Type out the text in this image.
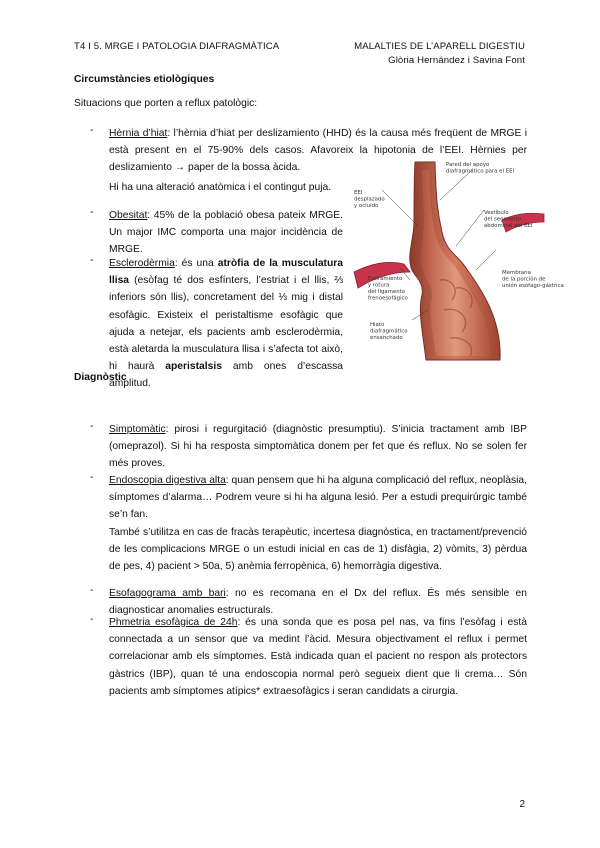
T4 I 5. MRGE I PATOLOGIA DIAFRAGMÀTICA	MALALTIES DE L’APARELL DIGESTIU
Glòria Hernández i Savina Font
Circumstàncies etiològiques
Situacions que porten a reflux patològic:
- Hèrnia d’hiat: l’hèrnia d’hiat per deslizamiento (HHD) és la causa més freqüent de MRGE i està present en el 75-90% dels casos. Afavoreix la hipotonia de l’EEI. Hèrnies per deslizamiento → paper de la bossa àcida.
Hi ha una alteració anatòmica i el contingut puja.
- Obesitat: 45% de la població obesa pateix MRGE. Un major IMC comporta una major incidència de MRGE.
- Esclerodèrmia: és una atròfia de la musculatura llisa (esòfag té dos esfínters, l’estriat i el llis, ⅔ inferiors són llis), concretament del ⅓ mig i distal esofàgic. Existeix el peristaltisme esofàgic que ajuda a netejar, els pacients amb esclerodèrmia, està aletarda la musculatura llisa i s’afecta tot això, hi haurà aperistalsis amb ones d’escassa amplitud.
EEI desplazado y ocluido
Pared del apoyo diafragmático para el EEI
Vestíbulo del segmento abdominal del EEI
Membrana de la porción de unión esófago-gástrica
Estiramiento y rotura del ligamento frenoesofágico
Hiato diafragmático ensanchado
Diagnòstic
- Simptomàtic: pirosi i regurgitació (diagnòstic presumptiu). S’inicia tractament amb IBP (omeprazol). Si hi ha resposta simptomàtica donem per fet que és reflux. No se solen fer més proves.
- Endoscopia digestiva alta: quan pensem que hi ha alguna complicació del reflux, neoplàsia, símptomes d’alarma… Podrem veure si hi ha alguna lesió. Per a estudi prequirúrgic també se’n fan.
També s’utilitza en cas de fracàs terapèutic, incertesa diagnòstica, en tractament/prevenció de les complicacions MRGE o un estudi inicial en cas de 1) disfàgia, 2) vòmits, 3) pèrdua de pes, 4) pacient > 50a, 5) anèmia ferropènica, 6) hemorràgia digestiva.
- Esofagograma amb bari: no es recomana en el Dx del reflux. És més sensible en diagnosticar anomalies estructurals.
- Phmetria esofàgica de 24h: és una sonda que es posa pel nas, va fins l’esòfag i està connectada a un sensor que va medint l’àcid. Mesura objectivament el reflux i permet correlacionar amb els símptomes. Està indicada quan el pacient no respon als protectors gàstrics (IBP), quan té una endoscopia normal però segueix dient que li crema… Són pacients amb símptomes atípics* extraesofàgics i seran candidats a cirurgia.
2
